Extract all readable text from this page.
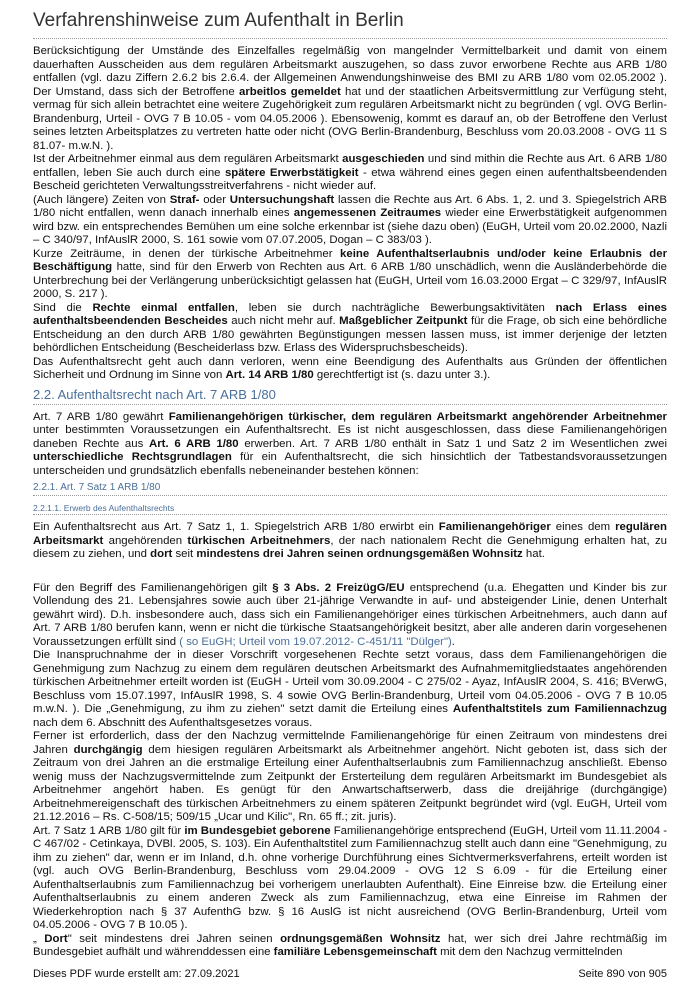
Verfahrenshinweise zum Aufenthalt in Berlin

Berücksichtigung der Umstände des Einzelfalles regelmäßig von mangelnder Vermittelbarkeit und damit von einem dauerhaften Ausscheiden aus dem regulären Arbeitsmarkt auszugehen, so dass zuvor erworbene Rechte aus ARB 1/80 entfallen (vgl. dazu Ziffern 2.6.2 bis 2.6.4. der Allgemeinen Anwendungshinweise des BMI zu ARB 1/80 vom 02.05.2002 ). Der Umstand, dass sich der Betroffene arbeitlos gemeldet hat und der staatlichen Arbeitsvermittlung zur Verfügung steht, vermag für sich allein betrachtet eine weitere Zugehörigkeit zum regulären Arbeitsmarkt nicht zu begründen ( vgl. OVG Berlin-Brandenburg, Urteil - OVG 7 B 10.05 - vom 04.05.2006 ). Ebensowenig, kommt es darauf an, ob der Betroffene den Verlust seines letzten Arbeitsplatzes zu vertreten hatte oder nicht (OVG Berlin-Brandenburg, Beschluss vom 20.03.2008 - OVG 11 S 81.07- m.w.N. ).

Ist der Arbeitnehmer einmal aus dem regulären Arbeitsmarkt ausgeschieden und sind mithin die Rechte aus Art. 6 ARB 1/80 entfallen, leben Sie auch durch eine spätere Erwerbstätigkeit - etwa während eines gegen einen aufenthaltsbeendenden Bescheid gerichteten Verwaltungsstreitverfahrens - nicht wieder auf.

(Auch längere) Zeiten von Straf- oder Untersuchungshaft lassen die Rechte aus Art. 6 Abs. 1, 2. und 3. Spiegelstrich ARB 1/80 nicht entfallen, wenn danach innerhalb eines angemessenen Zeitraumes wieder eine Erwerbstätigkeit aufgenommen wird bzw. ein entsprechendes Bemühen um eine solche erkennbar ist (siehe dazu oben) (EuGH, Urteil vom 20.02.2000, Nazli – C 340/97, InfAuslR 2000, S. 161 sowie vom 07.07.2005, Dogan – C 383/03 ).

Kurze Zeiträume, in denen der türkische Arbeitnehmer keine Aufenthaltserlaubnis und/oder keine Erlaubnis der Beschäftigung hatte, sind für den Erwerb von Rechten aus Art. 6 ARB 1/80 unschädlich, wenn die Ausländerbehörde die Unterbrechung bei der Verlängerung unberücksichtigt gelassen hat (EuGH, Urteil vom 16.03.2000 Ergat – C 329/97, InfAuslR 2000, S. 217 ).

Sind die Rechte einmal entfallen, leben sie durch nachträgliche Bewerbungsaktivitäten nach Erlass eines aufenthaltsbeendenden Bescheides auch nicht mehr auf. Maßgeblicher Zeitpunkt für die Frage, ob sich eine behördliche Entscheidung an den durch ARB 1/80 gewährten Begünstigungen messen lassen muss, ist immer derjenige der letzten behördlichen Entscheidung (Bescheiderlass bzw. Erlass des Widerspruchsbescheids).

Das Aufenthaltsrecht geht auch dann verloren, wenn eine Beendigung des Aufenthalts aus Gründen der öffentlichen Sicherheit und Ordnung im Sinne von Art. 14 ARB 1/80 gerechtfertigt ist (s. dazu unter 3.).

2.2. Aufenthaltsrecht nach Art. 7 ARB 1/80

Art. 7 ARB 1/80 gewährt Familienangehörigen türkischer, dem regulären Arbeitsmarkt angehörender Arbeitnehmer unter bestimmten Voraussetzungen ein Aufenthaltsrecht. Es ist nicht ausgeschlossen, dass diese Familienangehörigen daneben Rechte aus Art. 6 ARB 1/80 erwerben. Art. 7 ARB 1/80 enthält in Satz 1 und Satz 2 im Wesentlichen zwei unterschiedliche Rechtsgrundlagen für ein Aufenthaltsrecht, die sich hinsichtlich der Tatbestandsvoraussetzungen unterscheiden und grundsätzlich ebenfalls nebeneinander bestehen können:

2.2.1. Art. 7 Satz 1 ARB 1/80
2.2.1.1. Erwerb des Aufenthaltsrechts

Ein Aufenthaltsrecht aus Art. 7 Satz 1, 1. Spiegelstrich ARB 1/80 erwirbt ein Familienangehöriger eines dem regulären Arbeitsmarkt angehörenden türkischen Arbeitnehmers, der nach nationalem Recht die Genehmigung erhalten hat, zu diesem zu ziehen, und dort seit mindestens drei Jahren seinen ordnungsgemäßen Wohnsitz hat.

Für den Begriff des Familienangehörigen gilt § 3 Abs. 2 FreizügG/EU entsprechend (u.a. Ehegatten und Kinder bis zur Vollendung des 21. Lebensjahres sowie auch über 21-jährige Verwandte in auf- und absteigender Linie, denen Unterhalt gewährt wird). D.h. insbesondere auch, dass sich ein Familienangehöriger eines türkischen Arbeitnehmers, auch dann auf Art. 7 ARB 1/80 berufen kann, wenn er nicht die türkische Staatsangehörigkeit besitzt, aber alle anderen darin vorgesehenen Voraussetzungen erfüllt sind ( so EuGH; Urteil vom 19.07.2012- C-451/11 "Dülger").

Die Inanspruchnahme der in dieser Vorschrift vorgesehenen Rechte setzt voraus, dass dem Familienangehörigen die Genehmigung zum Nachzug zu einem dem regulären deutschen Arbeitsmarkt des Aufnahmemitgliedstaates angehörenden türkischen Arbeitnehmer erteilt worden ist (EuGH - Urteil vom 30.09.2004 - C 275/02 - Ayaz, InfAuslR 2004, S. 416; BVerwG, Beschluss vom 15.07.1997, InfAuslR 1998, S. 4 sowie OVG Berlin-Brandenburg, Urteil vom 04.05.2006 - OVG 7 B 10.05 m.w.N. ). Die „Genehmigung, zu ihm zu ziehen" setzt damit die Erteilung eines Aufenthaltstitels zum Familiennachzug nach dem 6. Abschnitt des Aufenthaltsgesetzes voraus.

Ferner ist erforderlich, dass der den Nachzug vermittelnde Familienangehörige für einen Zeitraum von mindestens drei Jahren durchgängig dem hiesigen regulären Arbeitsmarkt als Arbeitnehmer angehört. Nicht geboten ist, dass sich der Zeitraum von drei Jahren an die erstmalige Erteilung einer Aufenthaltserlaubnis zum Familiennachzug anschließt. Ebenso wenig muss der Nachzugsvermittelnde zum Zeitpunkt der Ersterteilung dem regulären Arbeitsmarkt im Bundesgebiet als Arbeitnehmer angehört haben. Es genügt für den Anwartschaftserwerb, dass die dreijährige (durchgängige) Arbeitnehmereigenschaft des türkischen Arbeitnehmers zu einem späteren Zeitpunkt begründet wird (vgl. EuGH, Urteil vom 21.12.2016 – Rs. C-508/15; 509/15 „Ucar und Kilic", Rn. 65 ff.; zit. juris).

Art. 7 Satz 1 ARB 1/80 gilt für im Bundesgebiet geborene Familienangehörige entsprechend (EuGH, Urteil vom 11.11.2004 - C 467/02 - Cetinkaya, DVBl. 2005, S. 103). Ein Aufenthaltstitel zum Familiennachzug stellt auch dann eine "Genehmigung, zu ihm zu ziehen" dar, wenn er im Inland, d.h. ohne vorherige Durchführung eines Sichtvermerksverfahrens, erteilt worden ist (vgl. auch OVG Berlin-Brandenburg, Beschluss vom 29.04.2009 - OVG 12 S 6.09 - für die Erteilung einer Aufenthaltserlaubnis zum Familiennachzug bei vorherigem unerlaubten Aufenthalt). Eine Einreise bzw. die Erteilung einer Aufenthaltserlaubnis zu einem anderen Zweck als zum Familiennachzug, etwa eine Einreise im Rahmen der Wiederkehroption nach § 37 AufenthG bzw. § 16 AuslG ist nicht ausreichend (OVG Berlin-Brandenburg, Urteil vom 04.05.2006 - OVG 7 B 10.05 ).

„ Dort" seit mindestens drei Jahren seinen ordnungsgemäßen Wohnsitz hat, wer sich drei Jahre rechtmäßig im Bundesgebiet aufhält und währenddessen eine familiäre Lebensgemeinschaft mit dem den Nachzug vermittelnden

Dieses PDF wurde erstellt am: 27.09.2021	Seite 890 von 905
